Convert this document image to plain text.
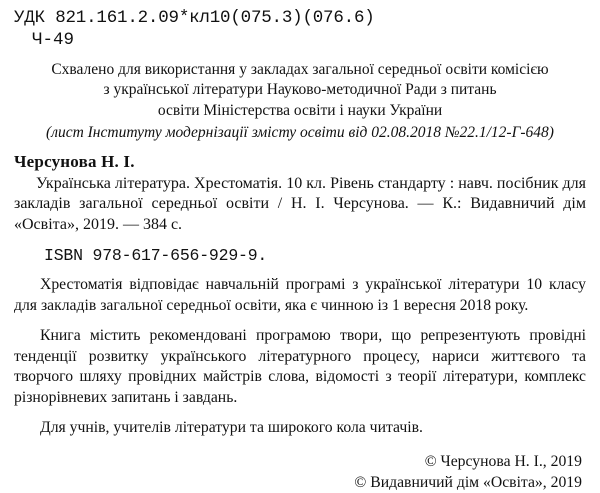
УДК 821.161.2.09*кл10(075.3)(076.6)
Ч-49
Схвалено для використання у закладах загальної середньої освіти комісією
з української літератури Науково-методичної Ради з питань
освіти Міністерства освіти і науки України
(лист Інституту модернізації змісту освіти від 02.08.2018 №22.1/12-Г-648)
Черсунова Н. І.
Українська література. Хрестоматія. 10 кл. Рівень стандарту : навч. посібник для закладів загальної середньої освіти / Н. І. Черсунова. — К.: Видавничий дім «Освіта», 2019. — 384 с.
ISBN 978-617-656-929-9.
Хрестоматія відповідає навчальній програмі з української літератури 10 класу для закладів загальної середньої освіти, яка є чинною із 1 вересня 2018 року.
Книга містить рекомендовані програмою твори, що репрезентують провідні тенденції розвитку українського літературного процесу, нариси життєвого та творчого шляху провідних майстрів слова, відомості з теорії літератури, комплекс різнорівневих запитань і завдань.
Для учнів, учителів літератури та широкого кола читачів.
© Черсунова Н. І., 2019
© Видавничий дім «Освіта», 2019
